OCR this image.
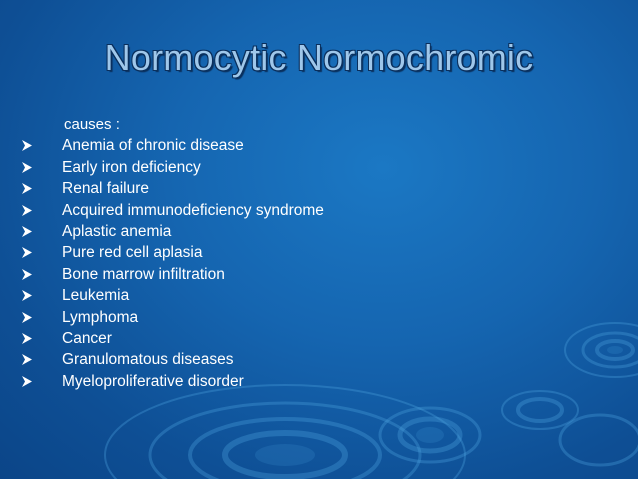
Normocytic Normochromic

causes :

Anemia of chronic disease
Early iron deficiency
Renal failure
Acquired immunodeficiency syndrome
Aplastic anemia
Pure red cell aplasia
Bone marrow infiltration
Leukemia
Lymphoma
Cancer
Granulomatous diseases
Myeloproliferative disorder
